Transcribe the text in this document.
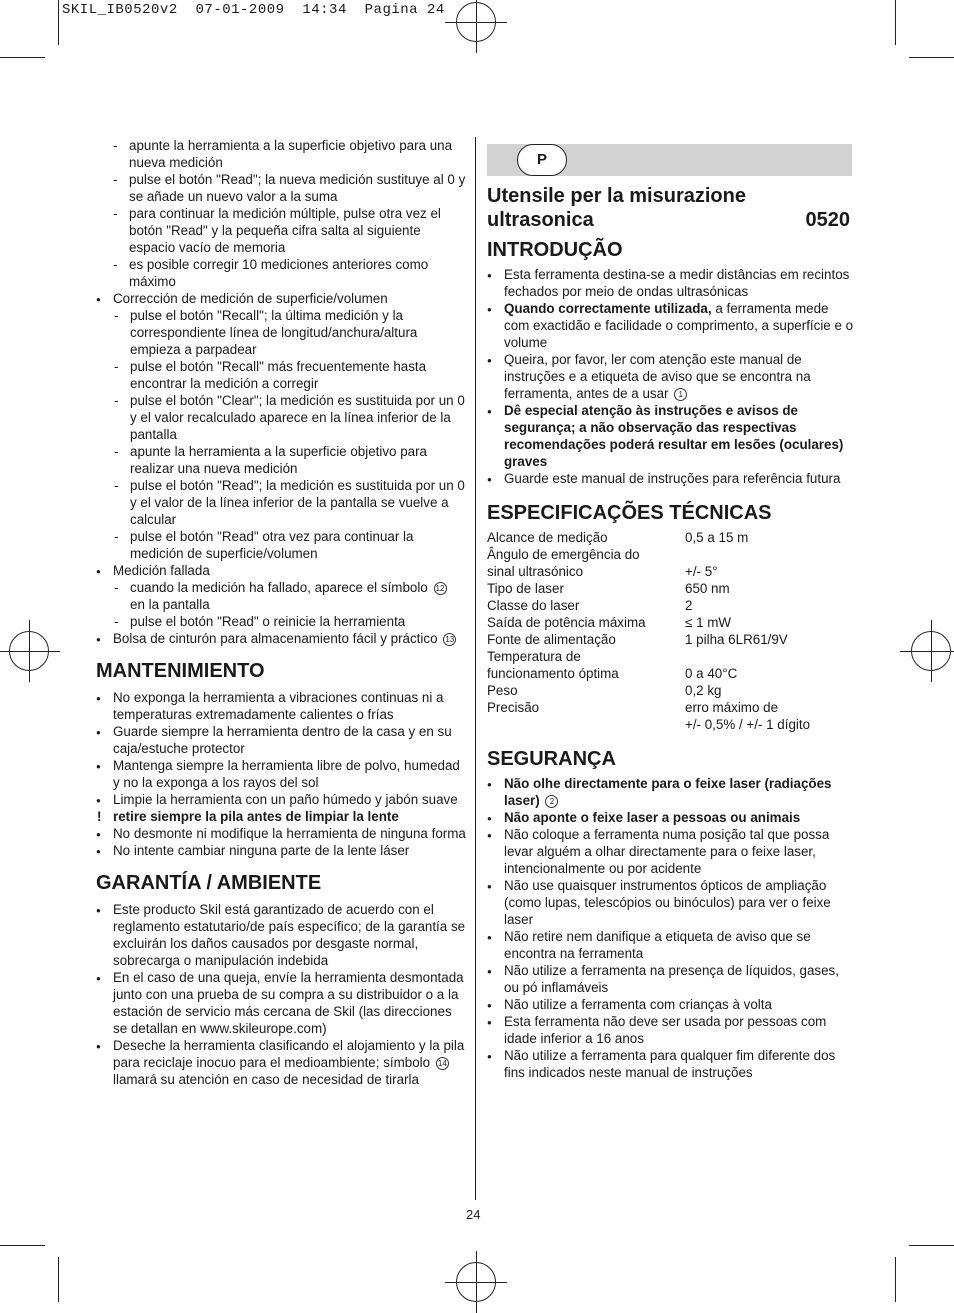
SKIL_IB0520v2  07-01-2009  14:34  Pagina 24
- apunte la herramienta a la superficie objetivo para una nueva medición
- pulse el botón "Read"; la nueva medición sustituye al 0 y se añade un nuevo valor a la suma
- para continuar la medición múltiple, pulse otra vez el botón "Read" y la pequeña cifra salta al siguiente espacio vacío de memoria
- es posible corregir 10 mediciones anteriores como máximo
● Corrección de medición de superficie/volumen
- pulse el botón "Recall"; la última medición y la correspondiente línea de longitud/anchura/altura empieza a parpadear
- pulse el botón "Recall" más frecuentemente hasta encontrar la medición a corregir
- pulse el botón "Clear"; la medición es sustituida por un 0 y el valor recalculado aparece en la línea inferior de la pantalla
- apunte la herramienta a la superficie objetivo para realizar una nueva medición
- pulse el botón "Read"; la medición es sustituida por un 0 y el valor de la línea inferior de la pantalla se vuelve a calcular
- pulse el botón "Read" otra vez para continuar la medición de superficie/volumen
● Medición fallada
- cuando la medición ha fallado, aparece el símbolo 12
en la pantalla
- pulse el botón "Read" o reinicie la herramienta
● Bolsa de cinturón para almacenamiento fácil y práctico 13
MANTENIMIENTO
● No exponga la herramienta a vibraciones continuas ni a temperaturas extremadamente calientes o frías
● Guarde siempre la herramienta dentro de la casa y en su caja/estuche protector
● Mantenga siempre la herramienta libre de polvo, humedad y no la exponga a los rayos del sol
● Limpie la herramienta con un paño húmedo y jabón suave
! retire siempre la pila antes de limpiar la lente
● No desmonte ni modifique la herramienta de ninguna forma
● No intente cambiar ninguna parte de la lente láser
GARANTÍA / AMBIENTE
● Este producto Skil está garantizado de acuerdo con el reglamento estatutario/de país específico; de la garantía se excluirán los daños causados por desgaste normal, sobrecarga o manipulación indebida
● En el caso de una queja, envíe la herramienta desmontada junto con una prueba de su compra a su distribuidor o a la estación de servicio más cercana de Skil (las direcciones se detallan en www.skileurope.com)
● Deseche la herramienta clasificando el alojamiento y la pila para reciclaje inocuo para el medioambiente; símbolo 14 llamará su atención en caso de necesidad de tirarla
P
Utensile per la misurazione
ultrasonica	0520
INTRODUÇÃO
● Esta ferramenta destina-se a medir distâncias em recintos fechados por meio de ondas ultrasónicas
● Quando correctamente utilizada, a ferramenta mede com exactidão e facilidade o comprimento, a superfície e o volume
● Queira, por favor, ler com atenção este manual de instruções e a etiqueta de aviso que se encontra na ferramenta, antes de a usar 1
● Dê especial atenção às instruções e avisos de segurança; a não observação das respectivas recomendações poderá resultar em lesões (oculares) graves
● Guarde este manual de instruções para referência futura
ESPECIFICAÇÕES TÉCNICAS
Alcance de medição	0,5 a 15 m
Ângulo de emergência do
sinal ultrasónico	+/- 5°
Tipo de laser	650 nm
Classe do laser	2
Saída de potência máxima	≤ 1 mW
Fonte de alimentação	1 pilha 6LR61/9V
Temperatura de
funcionamento óptima	0 a 40°C
Peso	0,2 kg
Precisão	erro máximo de
+/- 0,5% / +/- 1 dígito
SEGURANÇA
● Não olhe directamente para o feixe laser (radiações laser) 2
● Não aponte o feixe laser a pessoas ou animais
● Não coloque a ferramenta numa posição tal que possa levar alguém a olhar directamente para o feixe laser, intencionalmente ou por acidente
● Não use quaisquer instrumentos ópticos de ampliação (como lupas, telescópios ou binóculos) para ver o feixe laser
● Não retire nem danifique a etiqueta de aviso que se encontra na ferramenta
● Não utilize a ferramenta na presença de líquidos, gases, ou pó inflamáveis
● Não utilize a ferramenta com crianças à volta
● Esta ferramenta não deve ser usada por pessoas com idade inferior a 16 anos
● Não utilize a ferramenta para qualquer fim diferente dos fins indicados neste manual de instruções
24
